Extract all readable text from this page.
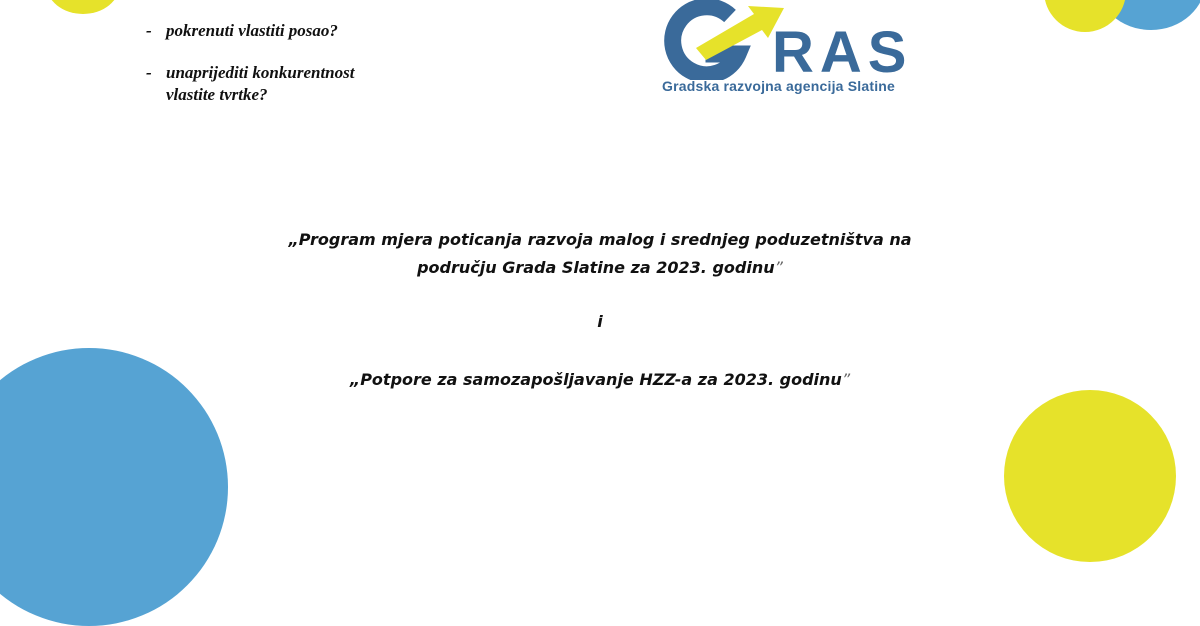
- pokrenuti vlastiti posao?
- unaprijediti konkurentnost vlastite tvrtke?
RAS
Gradska razvojna agencija Slatine
„Program mjera poticanja razvoja malog i srednjeg poduzetništva na
području Grada Slatine za 2023. godinu”
i
„Potpore za samozapošljavanje HZZ-a za 2023. godinu”
